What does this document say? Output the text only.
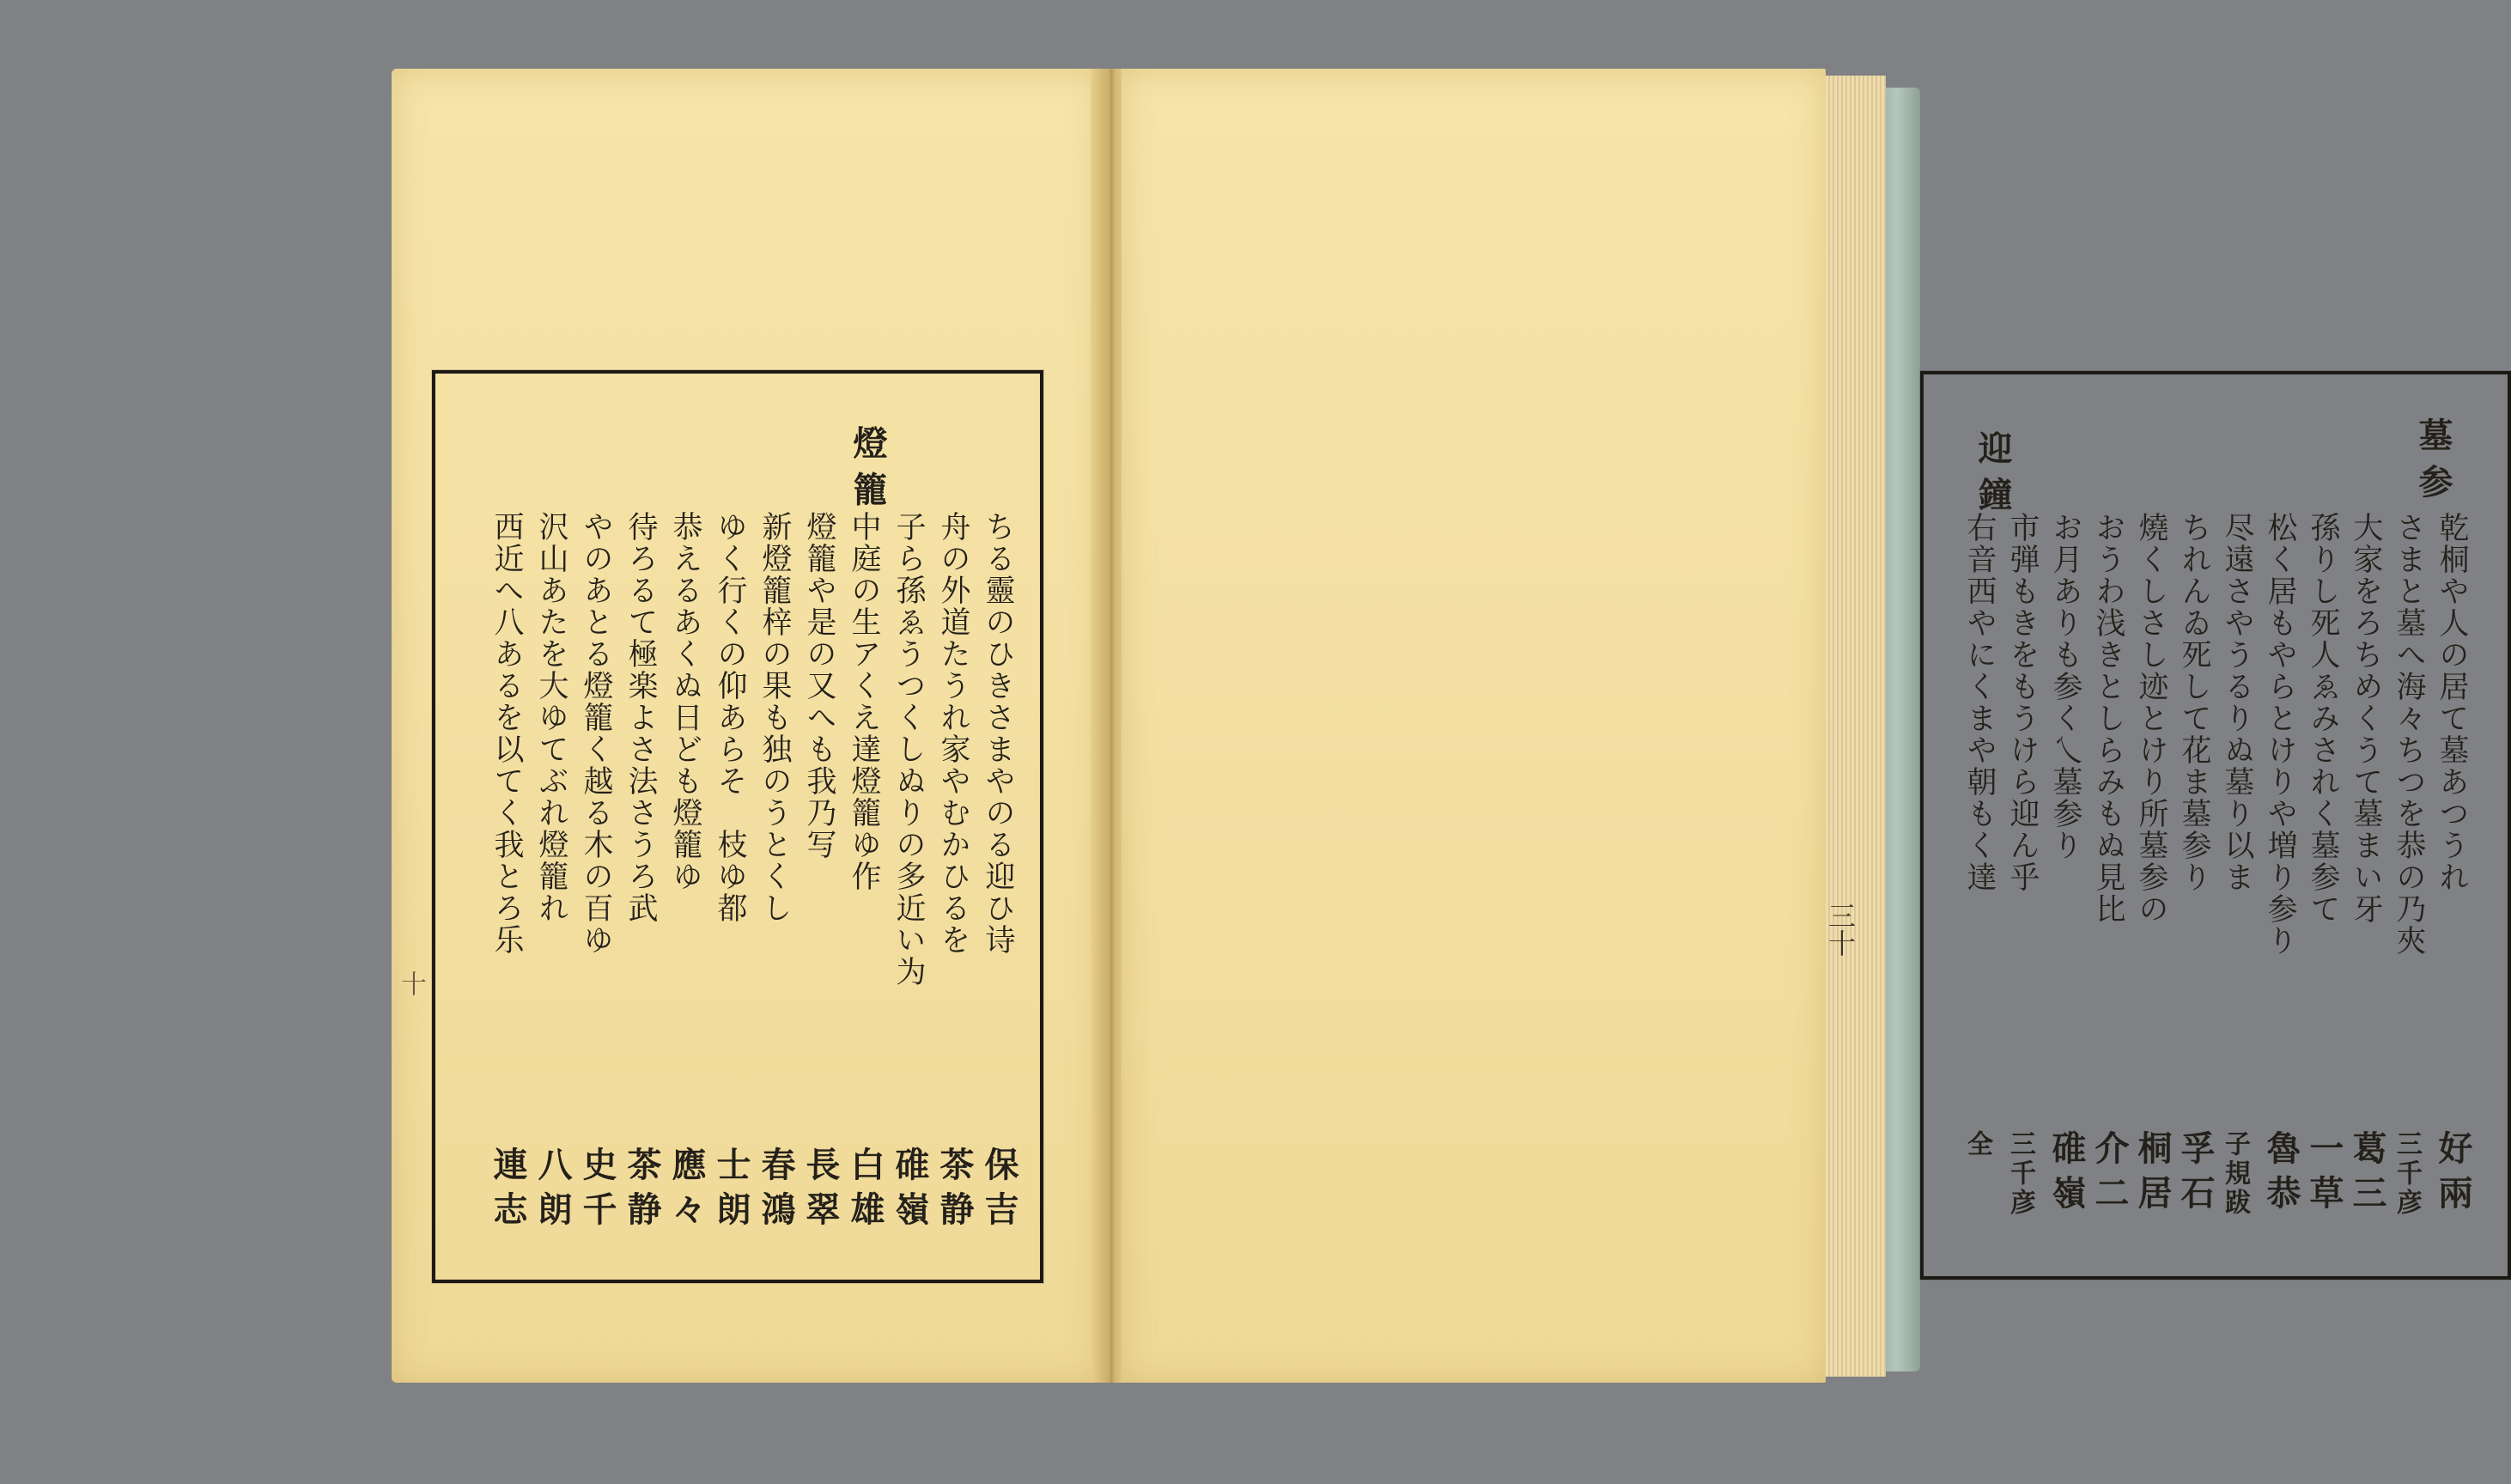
十
燈籠
ちる靈のひきさまやのる迎ひ诗
舟の外道たうれ家やむかひるを
子ら孫ゑうつくしぬりの多近い为
中庭の生アくえ達燈籠ゆ作
燈籠や是の又へも我乃写
新燈籠梓の果も独のうとくし
ゆく行くの仰あらそ　枝ゆ都
恭えるあくぬ日ども燈籠ゆ
待ろるて極楽よさ法さうろ武
やのあとる燈籠く越る木の百ゆ
沢山あたを大ゆてぶれ燈籠れ
西近へ八あるを以てく我とろ乐
保吉
茶静
碓嶺
白雄
長翠
春鴻
士朗
應々
茶静
史千
八朗
連志
墓参
迎鐘
乾桐や人の居て墓あつうれ
さまと墓へ海々ちつを恭の乃夾
大家をろちめくうて墓まい牙
孫りし死人ゑみされく墓参て
松く居もやらとけりや増り参り
尽遠さやうるりぬ墓り以ま
ちれんゐ死して花ま墓参り
燒くしさし迹とけり所墓参の
おうわ浅きとしらみもぬ見比
お月ありも参く乀墓参り
市弾もきをもうけら迎ん乎
右音西やにくまや朝もく達
好兩
三千彦
葛三
一草
魯恭
子規跋
孚石
桐居
介二
碓嶺
三千彦
全
三十
